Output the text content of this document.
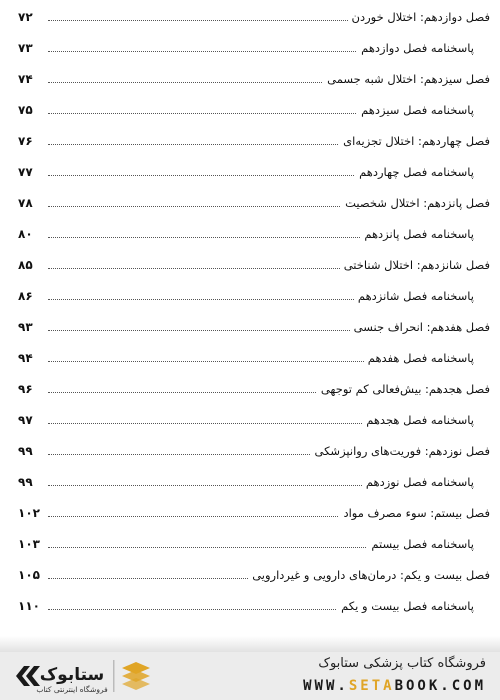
فصل دوازدهم: اختلال خوردن
۷۲
پاسخنامه فصل دوازدهم
۷۳
فصل سیزدهم: اختلال شبه جسمی
۷۴
پاسخنامه فصل سیزدهم
۷۵
فصل چهاردهم: اختلال تجزیه‌ای
۷۶
پاسخنامه فصل چهاردهم
۷۷
فصل پانزدهم: اختلال شخصیت
۷۸
پاسخنامه فصل پانزدهم
۸۰
فصل شانزدهم: اختلال شناختی
۸۵
پاسخنامه فصل شانزدهم
۸۶
فصل هفدهم: انحراف جنسی
۹۳
پاسخنامه فصل هفدهم
۹۴
فصل هجدهم: بیش‌فعالی کم توجهی
۹۶
پاسخنامه فصل هجدهم
۹۷
فصل نوزدهم: فوریت‌های روانپزشکی
۹۹
پاسخنامه فصل نوزدهم
۹۹
فصل بیستم: سوء مصرف مواد
۱۰۲
پاسخنامه فصل بیستم
۱۰۳
فصل بیست و یکم: درمان‌های دارویی و غیردارویی
۱۰۵
پاسخنامه فصل بیست و یکم
۱۱۰
ستابوک
فروشگاه اینترنتی کتاب
فروشگاه کتاب پزشکی ستابوک
WWW.SETABOOK.COM
